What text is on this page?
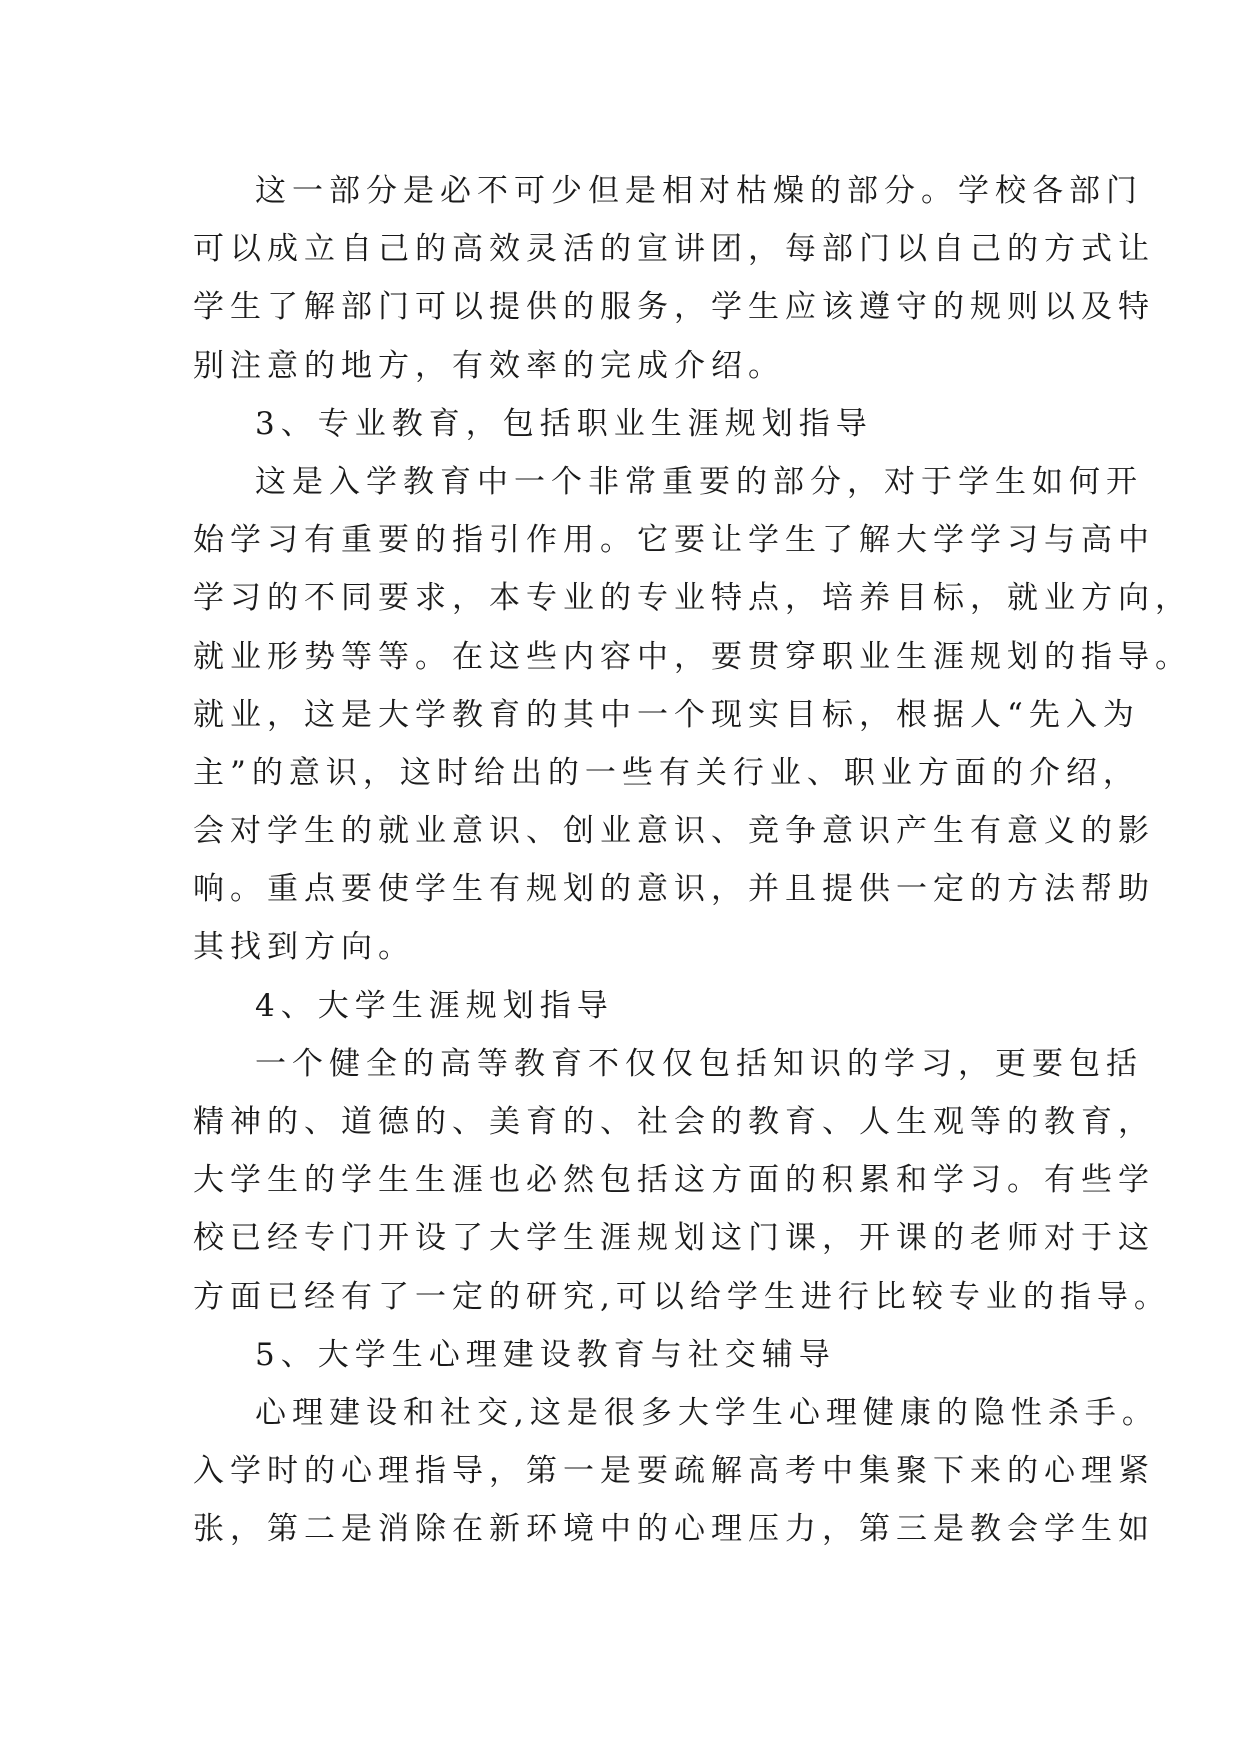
这一部分是必不可少但是相对枯燥的部分。学校各部门
可以成立自己的高效灵活的宣讲团，每部门以自己的方式让
学生了解部门可以提供的服务，学生应该遵守的规则以及特
别注意的地方，有效率的完成介绍。
3、专业教育，包括职业生涯规划指导
这是入学教育中一个非常重要的部分，对于学生如何开
始学习有重要的指引作用。它要让学生了解大学学习与高中
学习的不同要求，本专业的专业特点，培养目标，就业方向，
就业形势等等。在这些内容中，要贯穿职业生涯规划的指导。
就业，这是大学教育的其中一个现实目标，根据人“先入为
主”的意识，这时给出的一些有关行业、职业方面的介绍，
会对学生的就业意识、创业意识、竞争意识产生有意义的影
响。重点要使学生有规划的意识，并且提供一定的方法帮助
其找到方向。
4、大学生涯规划指导
一个健全的高等教育不仅仅包括知识的学习，更要包括
精神的、道德的、美育的、社会的教育、人生观等的教育，
大学生的学生生涯也必然包括这方面的积累和学习。有些学
校已经专门开设了大学生涯规划这门课，开课的老师对于这
方面已经有了一定的研究,可以给学生进行比较专业的指导。
5、大学生心理建设教育与社交辅导
心理建设和社交,这是很多大学生心理健康的隐性杀手。
入学时的心理指导，第一是要疏解高考中集聚下来的心理紧
张，第二是消除在新环境中的心理压力，第三是教会学生如
